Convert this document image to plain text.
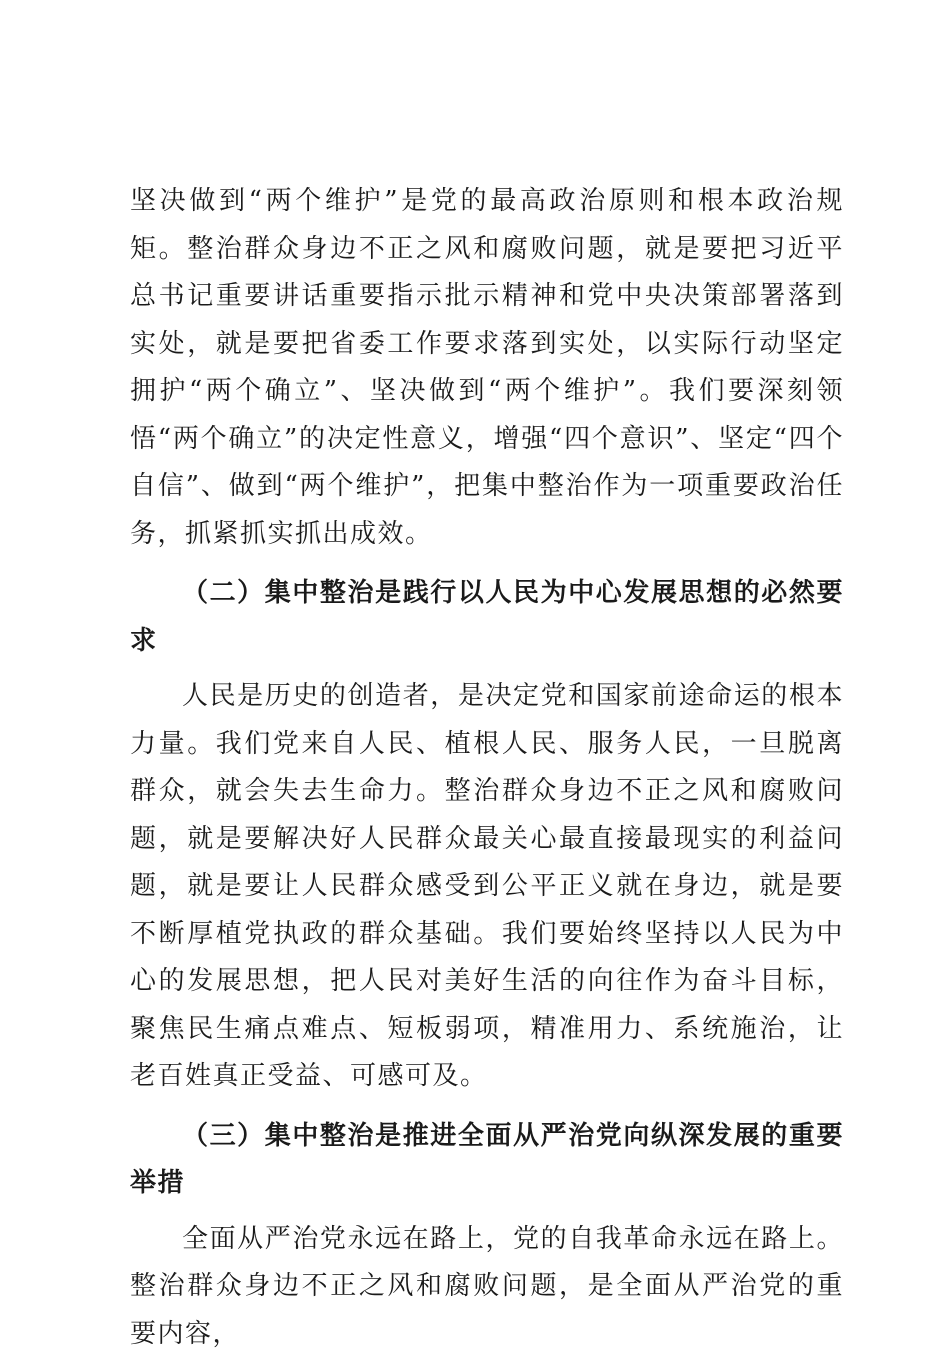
坚决做到“两个维护”是党的最高政治原则和根本政治规矩。整治群众身边不正之风和腐败问题，就是要把习近平总书记重要讲话重要指示批示精神和党中央决策部署落到实处，就是要把省委工作要求落到实处，以实际行动坚定拥护“两个确立”、坚决做到“两个维护”。我们要深刻领悟“两个确立”的决定性意义，增强“四个意识”、坚定“四个自信”、做到“两个维护”，把集中整治作为一项重要政治任务，抓紧抓实抓出成效。

（二）集中整治是践行以人民为中心发展思想的必然要求

人民是历史的创造者，是决定党和国家前途命运的根本力量。我们党来自人民、植根人民、服务人民，一旦脱离群众，就会失去生命力。整治群众身边不正之风和腐败问题，就是要解决好人民群众最关心最直接最现实的利益问题，就是要让人民群众感受到公平正义就在身边，就是要不断厚植党执政的群众基础。我们要始终坚持以人民为中心的发展思想，把人民对美好生活的向往作为奋斗目标，聚焦民生痛点难点、短板弱项，精准用力、系统施治，让老百姓真正受益、可感可及。

（三）集中整治是推进全面从严治党向纵深发展的重要举措

全面从严治党永远在路上，党的自我革命永远在路上。整治群众身边不正之风和腐败问题，是全面从严治党的重要内容，
